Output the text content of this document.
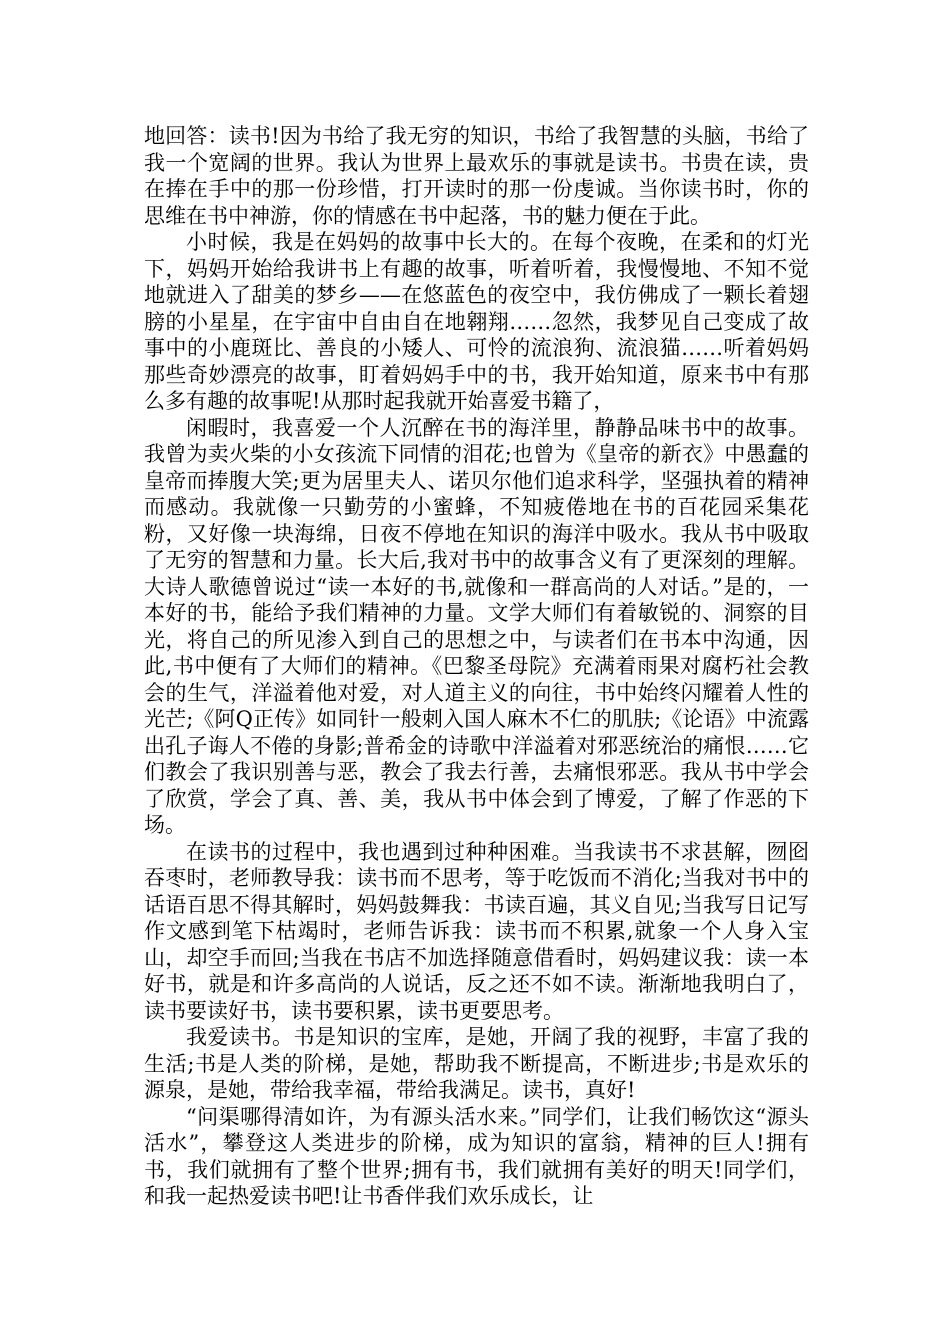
地回答：读书!因为书给了我无穷的知识，书给了我智慧的头脑，书给了我一个宽阔的世界。我认为世界上最欢乐的事就是读书。书贵在读，贵在捧在手中的那一份珍惜，打开读时的那一份虔诚。当你读书时，你的思维在书中神游，你的情感在书中起落，书的魅力便在于此。

小时候，我是在妈妈的故事中长大的。在每个夜晚，在柔和的灯光下，妈妈开始给我讲书上有趣的故事，听着听着，我慢慢地、不知不觉地就进入了甜美的梦乡——在悠蓝色的夜空中，我仿佛成了一颗长着翅膀的小星星，在宇宙中自由自在地翱翔……忽然，我梦见自己变成了故事中的小鹿斑比、善良的小矮人、可怜的流浪狗、流浪猫……听着妈妈那些奇妙漂亮的故事，盯着妈妈手中的书，我开始知道，原来书中有那么多有趣的故事呢!从那时起我就开始喜爱书籍了，

闲暇时，我喜爱一个人沉醉在书的海洋里，静静品味书中的故事。我曾为卖火柴的小女孩流下同情的泪花;也曾为《皇帝的新衣》中愚蠢的皇帝而捧腹大笑;更为居里夫人、诺贝尔他们追求科学，坚强执着的精神而感动。我就像一只勤劳的小蜜蜂，不知疲倦地在书的百花园采集花粉，又好像一块海绵，日夜不停地在知识的海洋中吸水。我从书中吸取了无穷的智慧和力量。长大后,我对书中的故事含义有了更深刻的理解。大诗人歌德曾说过“读一本好的书,就像和一群高尚的人对话。”是的，一本好的书，能给予我们精神的力量。文学大师们有着敏锐的、洞察的目光，将自己的所见渗入到自己的思想之中，与读者们在书本中沟通，因此,书中便有了大师们的精神。《巴黎圣母院》充满着雨果对腐朽社会教会的生气，洋溢着他对爱，对人道主义的向往，书中始终闪耀着人性的光芒;《阿Q正传》如同针一般刺入国人麻木不仁的肌肤;《论语》中流露出孔子诲人不倦的身影;普希金的诗歌中洋溢着对邪恶统治的痛恨……它们教会了我识别善与恶，教会了我去行善，去痛恨邪恶。我从书中学会了欣赏，学会了真、善、美，我从书中体会到了博爱，了解了作恶的下场。

在读书的过程中，我也遇到过种种困难。当我读书不求甚解，囫囵吞枣时，老师教导我：读书而不思考，等于吃饭而不消化;当我对书中的话语百思不得其解时，妈妈鼓舞我：书读百遍，其义自见;当我写日记写作文感到笔下枯竭时，老师告诉我：读书而不积累,就象一个人身入宝山，却空手而回;当我在书店不加选择随意借看时，妈妈建议我：读一本好书，就是和许多高尚的人说话，反之还不如不读。渐渐地我明白了，读书要读好书，读书要积累，读书更要思考。

我爱读书。书是知识的宝库，是她，开阔了我的视野，丰富了我的生活;书是人类的阶梯，是她，帮助我不断提高，不断进步;书是欢乐的源泉，是她，带给我幸福，带给我满足。读书，真好!

“问渠哪得清如许，为有源头活水来。”同学们，让我们畅饮这“源头活水”，攀登这人类进步的阶梯，成为知识的富翁，精神的巨人!拥有书，我们就拥有了整个世界;拥有书，我们就拥有美好的明天!同学们，和我一起热爱读书吧!让书香伴我们欢乐成长，让
